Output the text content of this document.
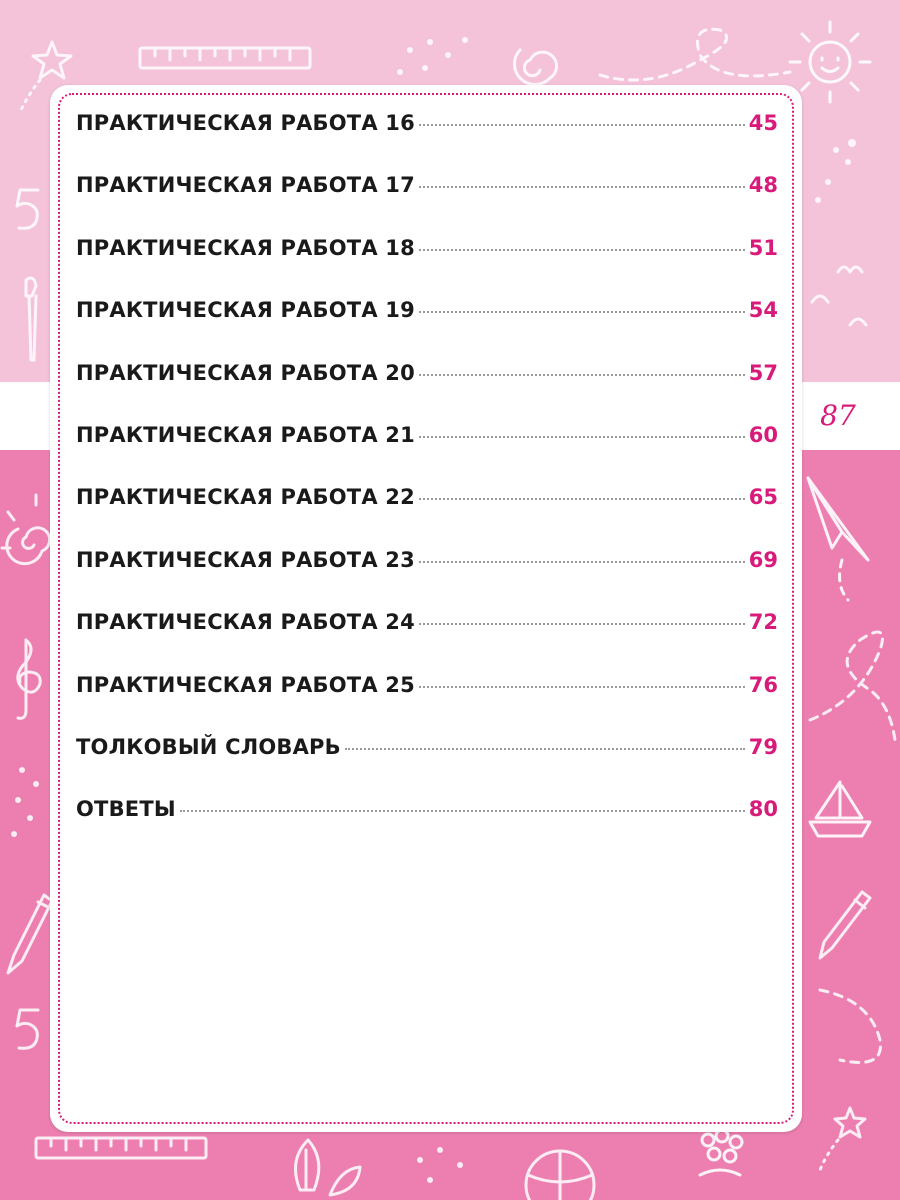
87
ПРАКТИЧЕСКАЯ РАБОТА 16	45
ПРАКТИЧЕСКАЯ РАБОТА 17	48
ПРАКТИЧЕСКАЯ РАБОТА 18	51
ПРАКТИЧЕСКАЯ РАБОТА 19	54
ПРАКТИЧЕСКАЯ РАБОТА 20	57
ПРАКТИЧЕСКАЯ РАБОТА 21	60
ПРАКТИЧЕСКАЯ РАБОТА 22	65
ПРАКТИЧЕСКАЯ РАБОТА 23	69
ПРАКТИЧЕСКАЯ РАБОТА 24	72
ПРАКТИЧЕСКАЯ РАБОТА 25	76
ТОЛКОВЫЙ СЛОВАРЬ	79
ОТВЕТЫ	80
